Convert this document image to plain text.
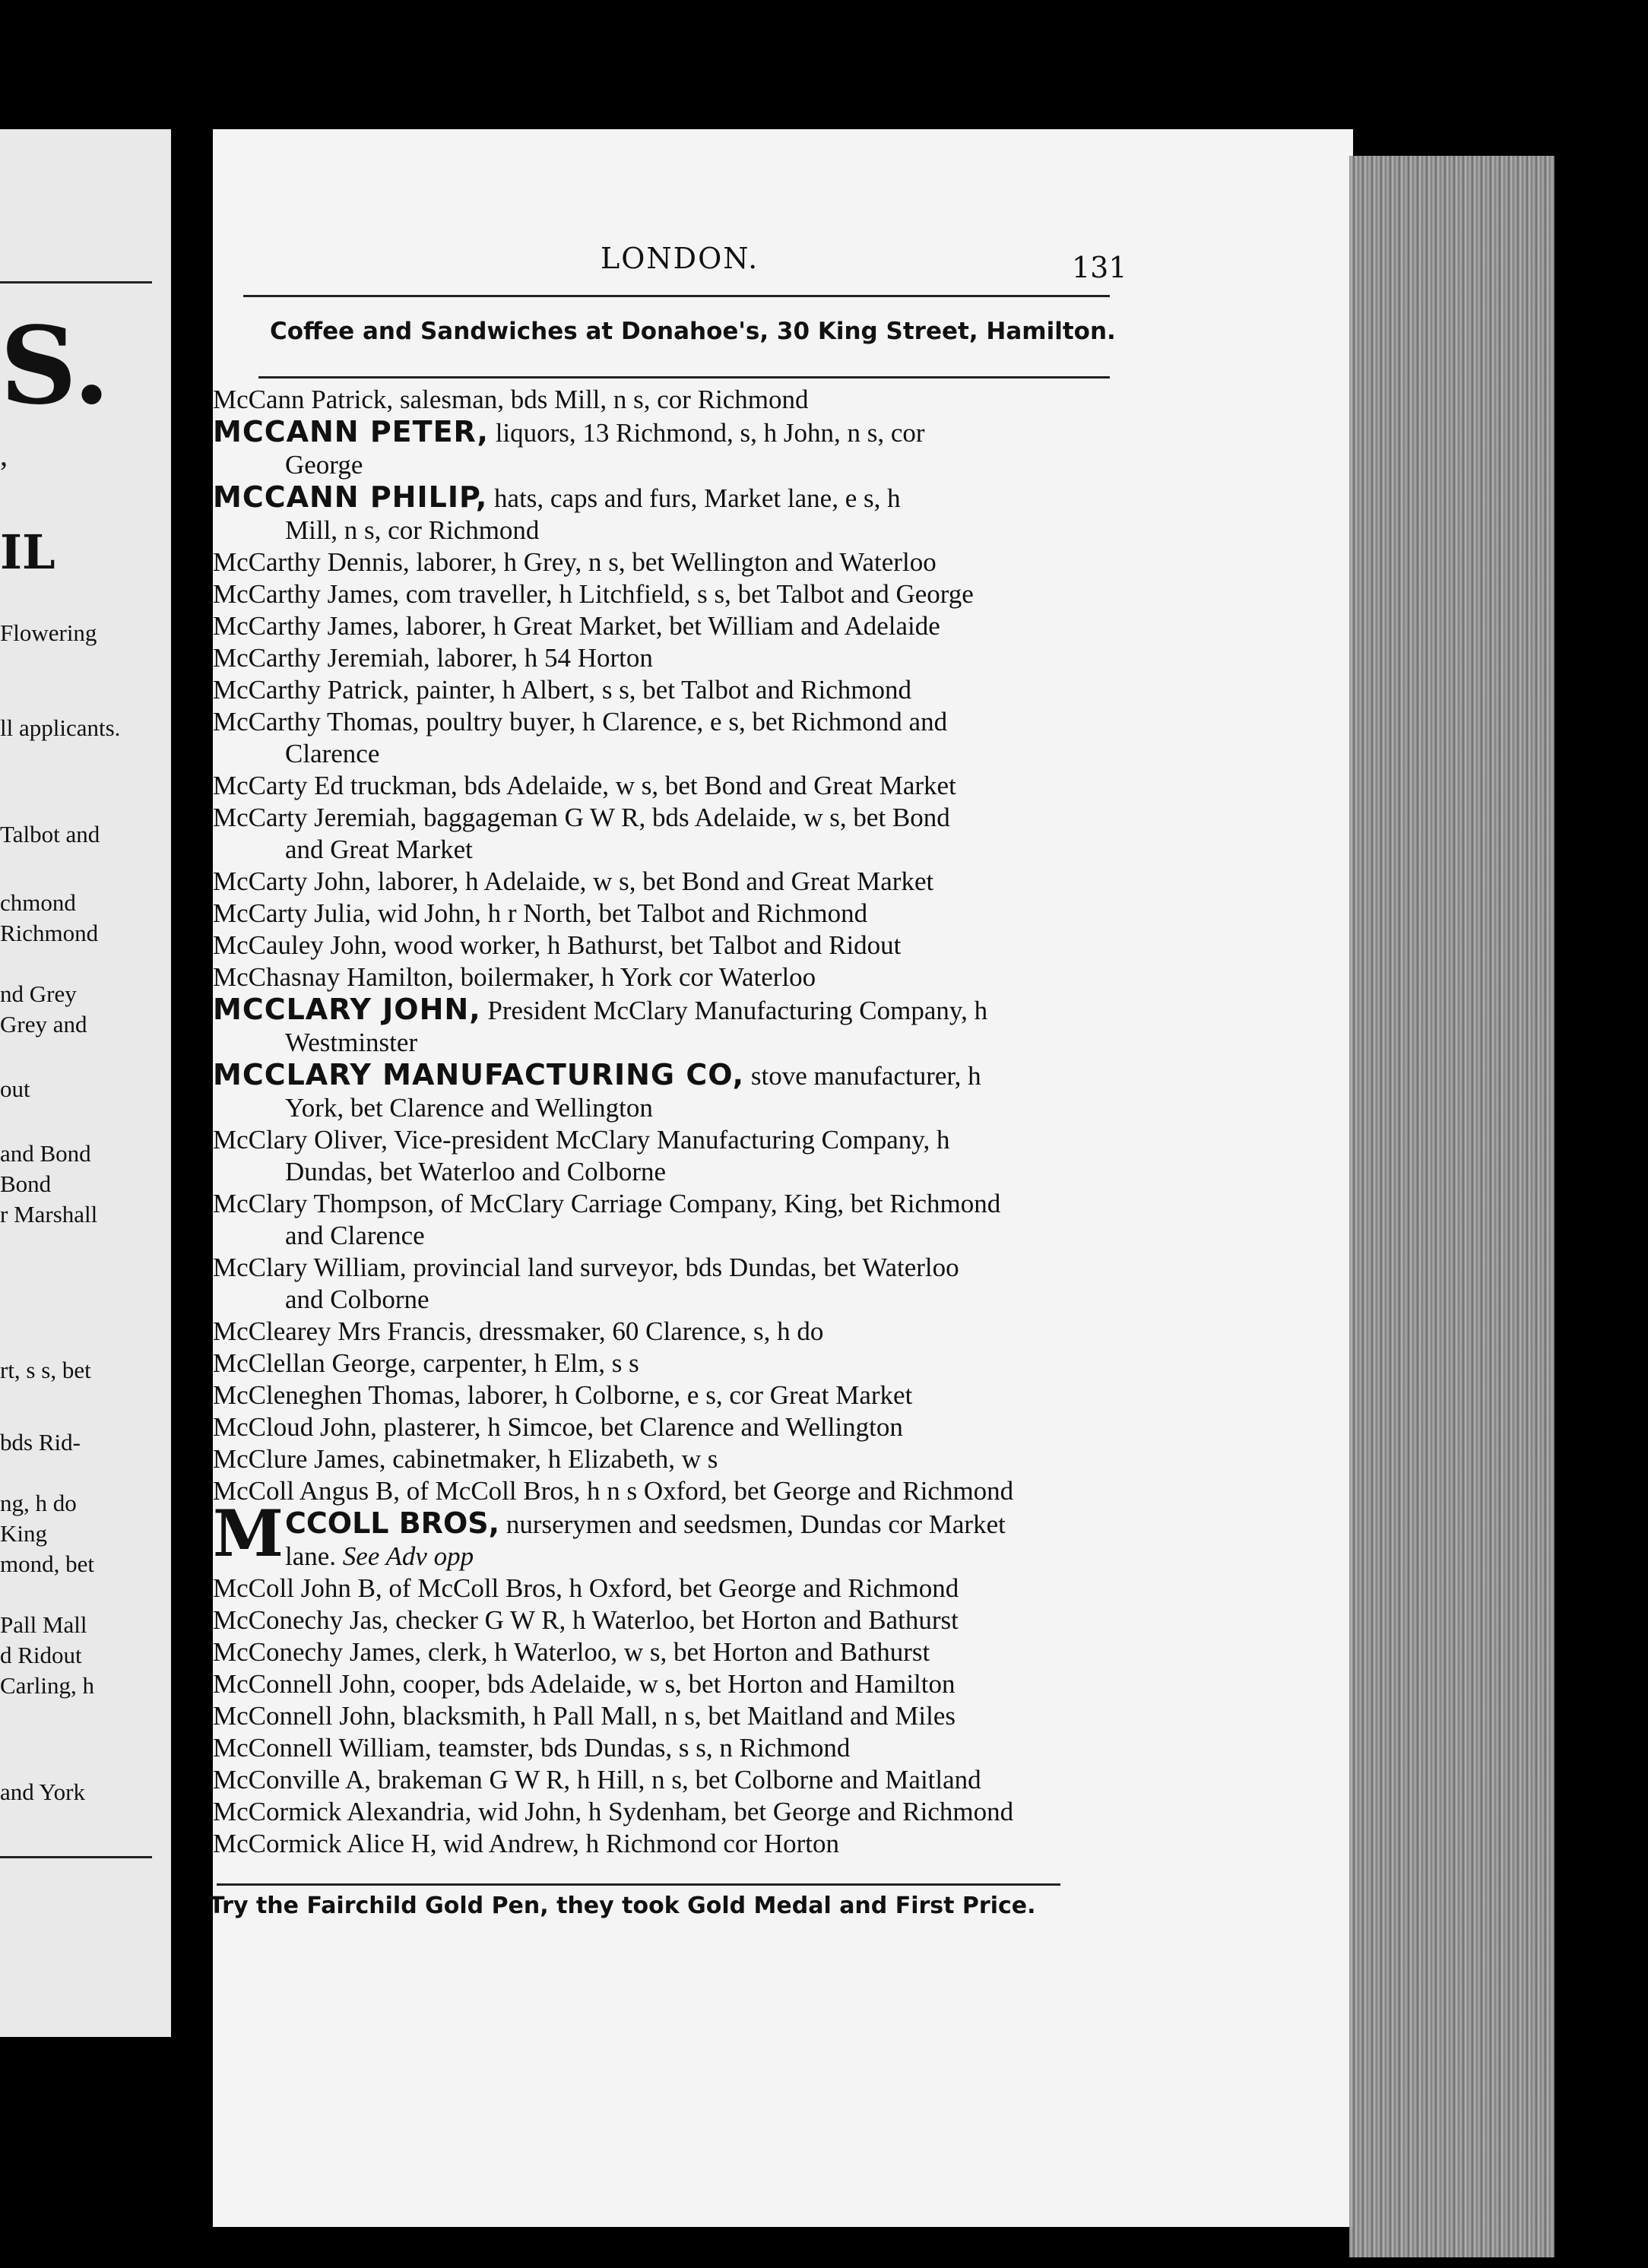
S.
,
IL
Flowering
ll applicants.
Talbot and
chmond
Richmond
nd Grey
Grey and
out
and Bond
Bond
r Marshall
rt, s s, bet
bds Rid-
ng, h do
King
mond, bet
Pall Mall
d Ridout
Carling, h
and York
LONDON.	131
Coffee and Sandwiches at Donahoe's, 30 King Street, Hamilton.
McCann Patrick, salesman, bds Mill, n s, cor Richmond
MCCANN PETER, liquors, 13 Richmond, s, h John, n s, cor
George
MCCANN PHILIP, hats, caps and furs, Market lane, e s, h
Mill, n s, cor Richmond
McCarthy Dennis, laborer, h Grey, n s, bet Wellington and Waterloo
McCarthy James, com traveller, h Litchfield, s s, bet Talbot and George
McCarthy James, laborer, h Great Market, bet William and Adelaide
McCarthy Jeremiah, laborer, h 54 Horton
McCarthy Patrick, painter, h Albert, s s, bet Talbot and Richmond
McCarthy Thomas, poultry buyer, h Clarence, e s, bet Richmond and
Clarence
McCarty Ed truckman, bds Adelaide, w s, bet Bond and Great Market
McCarty Jeremiah, baggageman G W R, bds Adelaide, w s, bet Bond
and Great Market
McCarty John, laborer, h Adelaide, w s, bet Bond and Great Market
McCarty Julia, wid John, h r North, bet Talbot and Richmond
McCauley John, wood worker, h Bathurst, bet Talbot and Ridout
McChasnay Hamilton, boilermaker, h York cor Waterloo
MCCLARY JOHN, President McClary Manufacturing Company, h
Westminster
MCCLARY MANUFACTURING CO, stove manufacturer, h
York, bet Clarence and Wellington
McClary Oliver, Vice-president McClary Manufacturing Company, h
Dundas, bet Waterloo and Colborne
McClary Thompson, of McClary Carriage Company, King, bet Richmond
and Clarence
McClary William, provincial land surveyor, bds Dundas, bet Waterloo
and Colborne
McClearey Mrs Francis, dressmaker, 60 Clarence, s, h do
McClellan George, carpenter, h Elm, s s
McCleneghen Thomas, laborer, h Colborne, e s, cor Great Market
McCloud John, plasterer, h Simcoe, bet Clarence and Wellington
McClure James, cabinetmaker, h Elizabeth, w s
McColl Angus B, of McColl Bros, h n s Oxford, bet George and Richmond
MCCOLL BROS, nurserymen and seedsmen, Dundas cor Market
lane. See Adv opp
McColl John B, of McColl Bros, h Oxford, bet George and Richmond
McConechy Jas, checker G W R, h Waterloo, bet Horton and Bathurst
McConechy James, clerk, h Waterloo, w s, bet Horton and Bathurst
McConnell John, cooper, bds Adelaide, w s, bet Horton and Hamilton
McConnell John, blacksmith, h Pall Mall, n s, bet Maitland and Miles
McConnell William, teamster, bds Dundas, s s, n Richmond
McConville A, brakeman G W R, h Hill, n s, bet Colborne and Maitland
McCormick Alexandria, wid John, h Sydenham, bet George and Richmond
McCormick Alice H, wid Andrew, h Richmond cor Horton
Try the Fairchild Gold Pen, they took Gold Medal and First Price.
